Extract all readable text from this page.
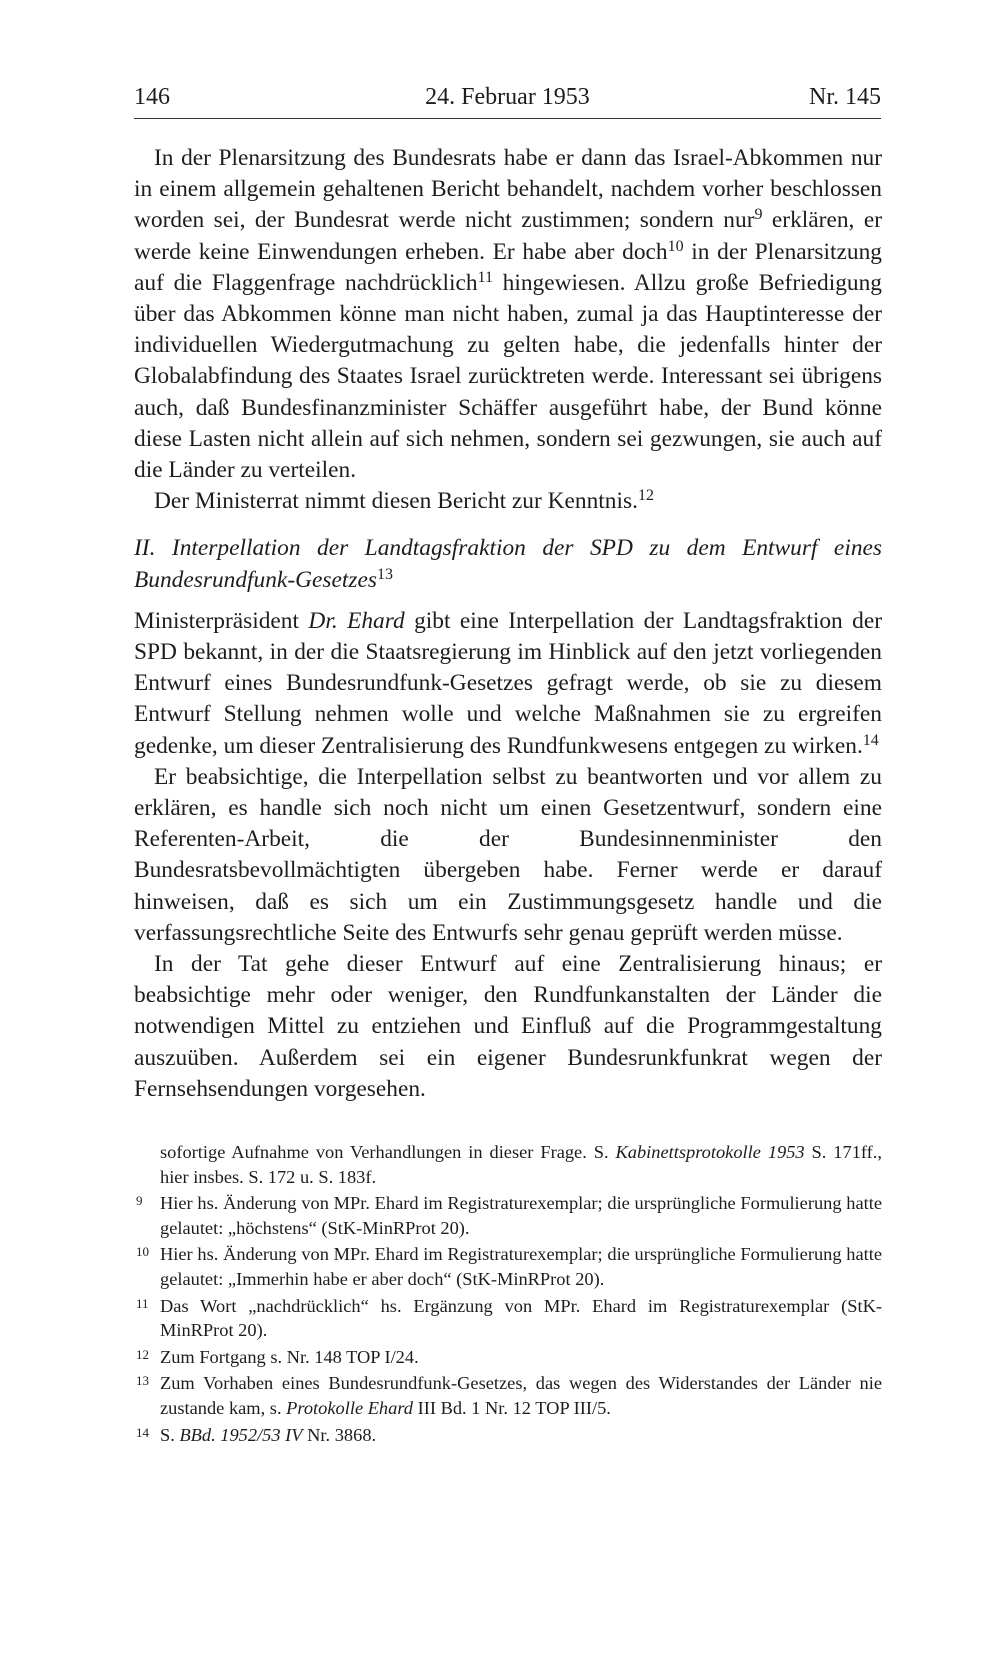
146	24. Februar 1953	Nr. 145

In der Plenarsitzung des Bundesrats habe er dann das Israel-Abkommen nur in einem allgemein gehaltenen Bericht behandelt, nachdem vorher beschlossen worden sei, der Bundesrat werde nicht zustimmen; sondern nur$^9$ erklären, er werde keine Einwendungen erheben. Er habe aber doch$^{10}$ in der Plenarsitzung auf die Flaggenfrage nachdrücklich$^{11}$ hingewiesen. Allzu große Befriedigung über das Abkommen könne man nicht haben, zumal ja das Hauptinteresse der individuellen Wiedergutmachung zu gelten habe, die jedenfalls hinter der Globalabfindung des Staates Israel zurücktreten werde. Interessant sei übrigens auch, daß Bundesfinanzminister Schäffer ausgeführt habe, der Bund könne diese Lasten nicht allein auf sich nehmen, sondern sei gezwungen, sie auch auf die Länder zu verteilen.

Der Ministerrat nimmt diesen Bericht zur Kenntnis.$^{12}$

II. Interpellation der Landtagsfraktion der SPD zu dem Entwurf eines Bundesrundfunk-Gesetzes$^{13}$

Ministerpräsident Dr. Ehard gibt eine Interpellation der Landtagsfraktion der SPD bekannt, in der die Staatsregierung im Hinblick auf den jetzt vorliegenden Entwurf eines Bundesrundfunk-Gesetzes gefragt werde, ob sie zu diesem Entwurf Stellung nehmen wolle und welche Maßnahmen sie zu ergreifen gedenke, um dieser Zentralisierung des Rundfunkwesens entgegen zu wirken.$^{14}$

Er beabsichtige, die Interpellation selbst zu beantworten und vor allem zu erklären, es handle sich noch nicht um einen Gesetzentwurf, sondern eine Referenten-Arbeit, die der Bundesinnenminister den Bundesratsbevollmächtigten übergeben habe. Ferner werde er darauf hinweisen, daß es sich um ein Zustimmungsgesetz handle und die verfassungsrechtliche Seite des Entwurfs sehr genau geprüft werden müsse.

In der Tat gehe dieser Entwurf auf eine Zentralisierung hinaus; er beabsichtige mehr oder weniger, den Rundfunkanstalten der Länder die notwendigen Mittel zu entziehen und Einfluß auf die Programmgestaltung auszuüben. Außerdem sei ein eigener Bundesrunkfunkrat wegen der Fernsehsendungen vorgesehen.

sofortige Aufnahme von Verhandlungen in dieser Frage. S. Kabinettsprotokolle 1953 S. 171ff., hier insbes. S. 172 u. S. 183f.

9 Hier hs. Änderung von MPr. Ehard im Registraturexemplar; die ursprüngliche Formulierung hatte gelautet: „höchstens“ (StK-MinRProt 20).

10 Hier hs. Änderung von MPr. Ehard im Registraturexemplar; die ursprüngliche Formulierung hatte gelautet: „Immerhin habe er aber doch“ (StK-MinRProt 20).

11 Das Wort „nachdrücklich“ hs. Ergänzung von MPr. Ehard im Registraturexemplar (StK-MinRProt 20).

12 Zum Fortgang s. Nr. 148 TOP I/24.

13 Zum Vorhaben eines Bundesrundfunk-Gesetzes, das wegen des Widerstandes der Länder nie zustande kam, s. Protokolle Ehard III Bd. 1 Nr. 12 TOP III/5.

14 S. BBd. 1952/53 IV Nr. 3868.
